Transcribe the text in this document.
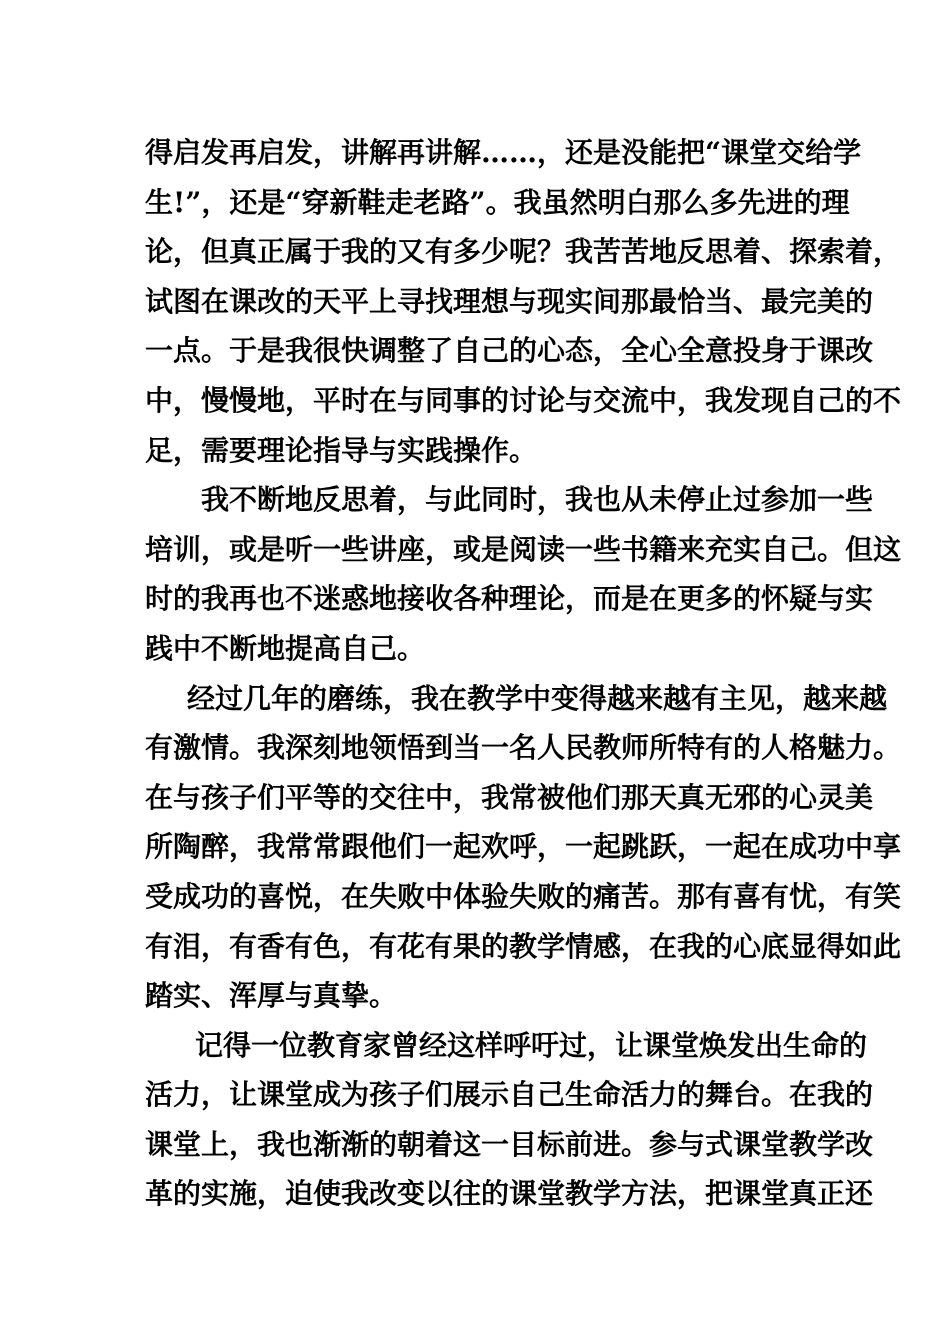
得启发再启发，讲解再讲解……，还是没能把“课堂交给学
生!”，还是“穿新鞋走老路”。我虽然明白那么多先进的理
论，但真正属于我的又有多少呢？我苦苦地反思着、探索着，
试图在课改的天平上寻找理想与现实间那最恰当、最完美的
一点。于是我很快调整了自己的心态，全心全意投身于课改
中，慢慢地，平时在与同事的讨论与交流中，我发现自己的不
足，需要理论指导与实践操作。
我不断地反思着，与此同时，我也从未停止过参加一些
培训，或是听一些讲座，或是阅读一些书籍来充实自己。但这
时的我再也不迷惑地接收各种理论，而是在更多的怀疑与实
践中不断地提高自己。
经过几年的磨练，我在教学中变得越来越有主见，越来越
有激情。我深刻地领悟到当一名人民教师所特有的人格魅力。
在与孩子们平等的交往中，我常被他们那天真无邪的心灵美
所陶醉，我常常跟他们一起欢呼，一起跳跃，一起在成功中享
受成功的喜悦，在失败中体验失败的痛苦。那有喜有忧，有笑
有泪，有香有色，有花有果的教学情感，在我的心底显得如此
踏实、浑厚与真挚。
记得一位教育家曾经这样呼吁过，让课堂焕发出生命的
活力，让课堂成为孩子们展示自己生命活力的舞台。在我的
课堂上，我也渐渐的朝着这一目标前进。参与式课堂教学改
革的实施，迫使我改变以往的课堂教学方法，把课堂真正还
